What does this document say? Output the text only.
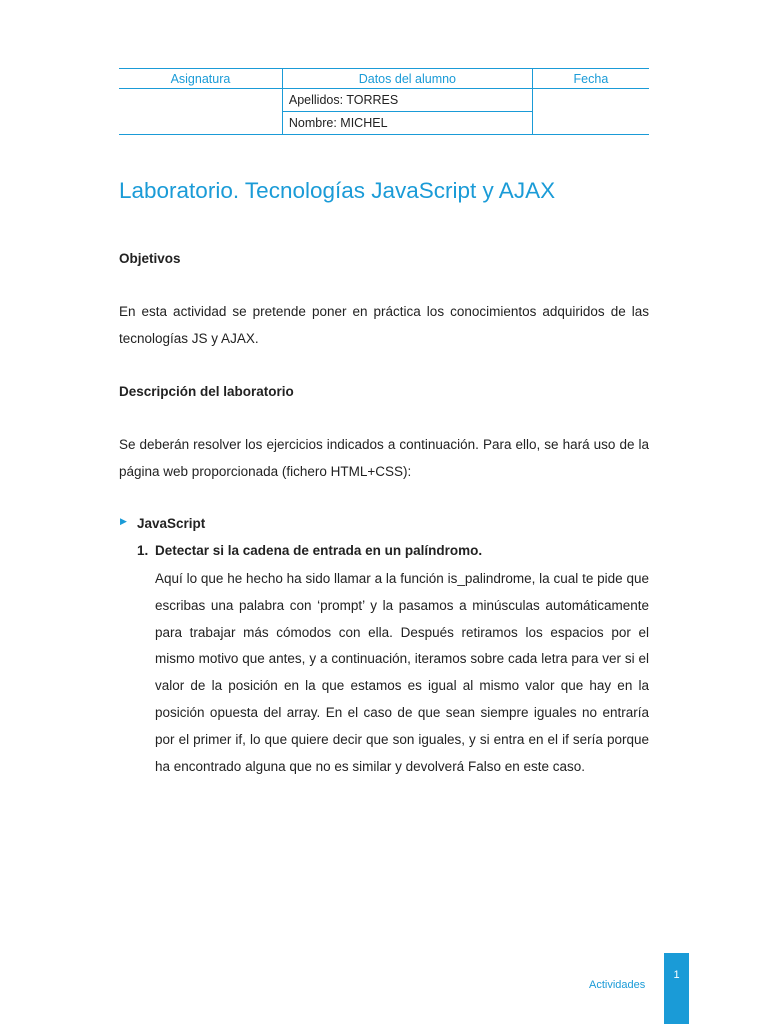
Asignatura	Datos del alumno	Fecha
	Apellidos: TORRES	
	Nombre: MICHEL	
Laboratorio. Tecnologías JavaScript y AJAX
Objetivos

En esta actividad se pretende poner en práctica los conocimientos adquiridos de las tecnologías JS y AJAX.

Descripción del laboratorio

Se deberán resolver los ejercicios indicados a continuación. Para ello, se hará uso de la página web proporcionada (fichero HTML+CSS):

▶ JavaScript
1. Detectar si la cadena de entrada en un palíndromo.

Aquí lo que he hecho ha sido llamar a la función is_palindrome, la cual te pide que escribas una palabra con ‘prompt’ y la pasamos a minúsculas automáticamente para trabajar más cómodos con ella. Después retiramos los espacios por el mismo motivo que antes, y a continuación, iteramos sobre cada letra para ver si el valor de la posición en la que estamos es igual al mismo valor que hay en la posición opuesta del array. En el caso de que sean siempre iguales no entraría por el primer if, lo que quiere decir que son iguales, y si entra en el if sería porque ha encontrado alguna que no es similar y devolverá Falso en este caso.

Actividades
1
